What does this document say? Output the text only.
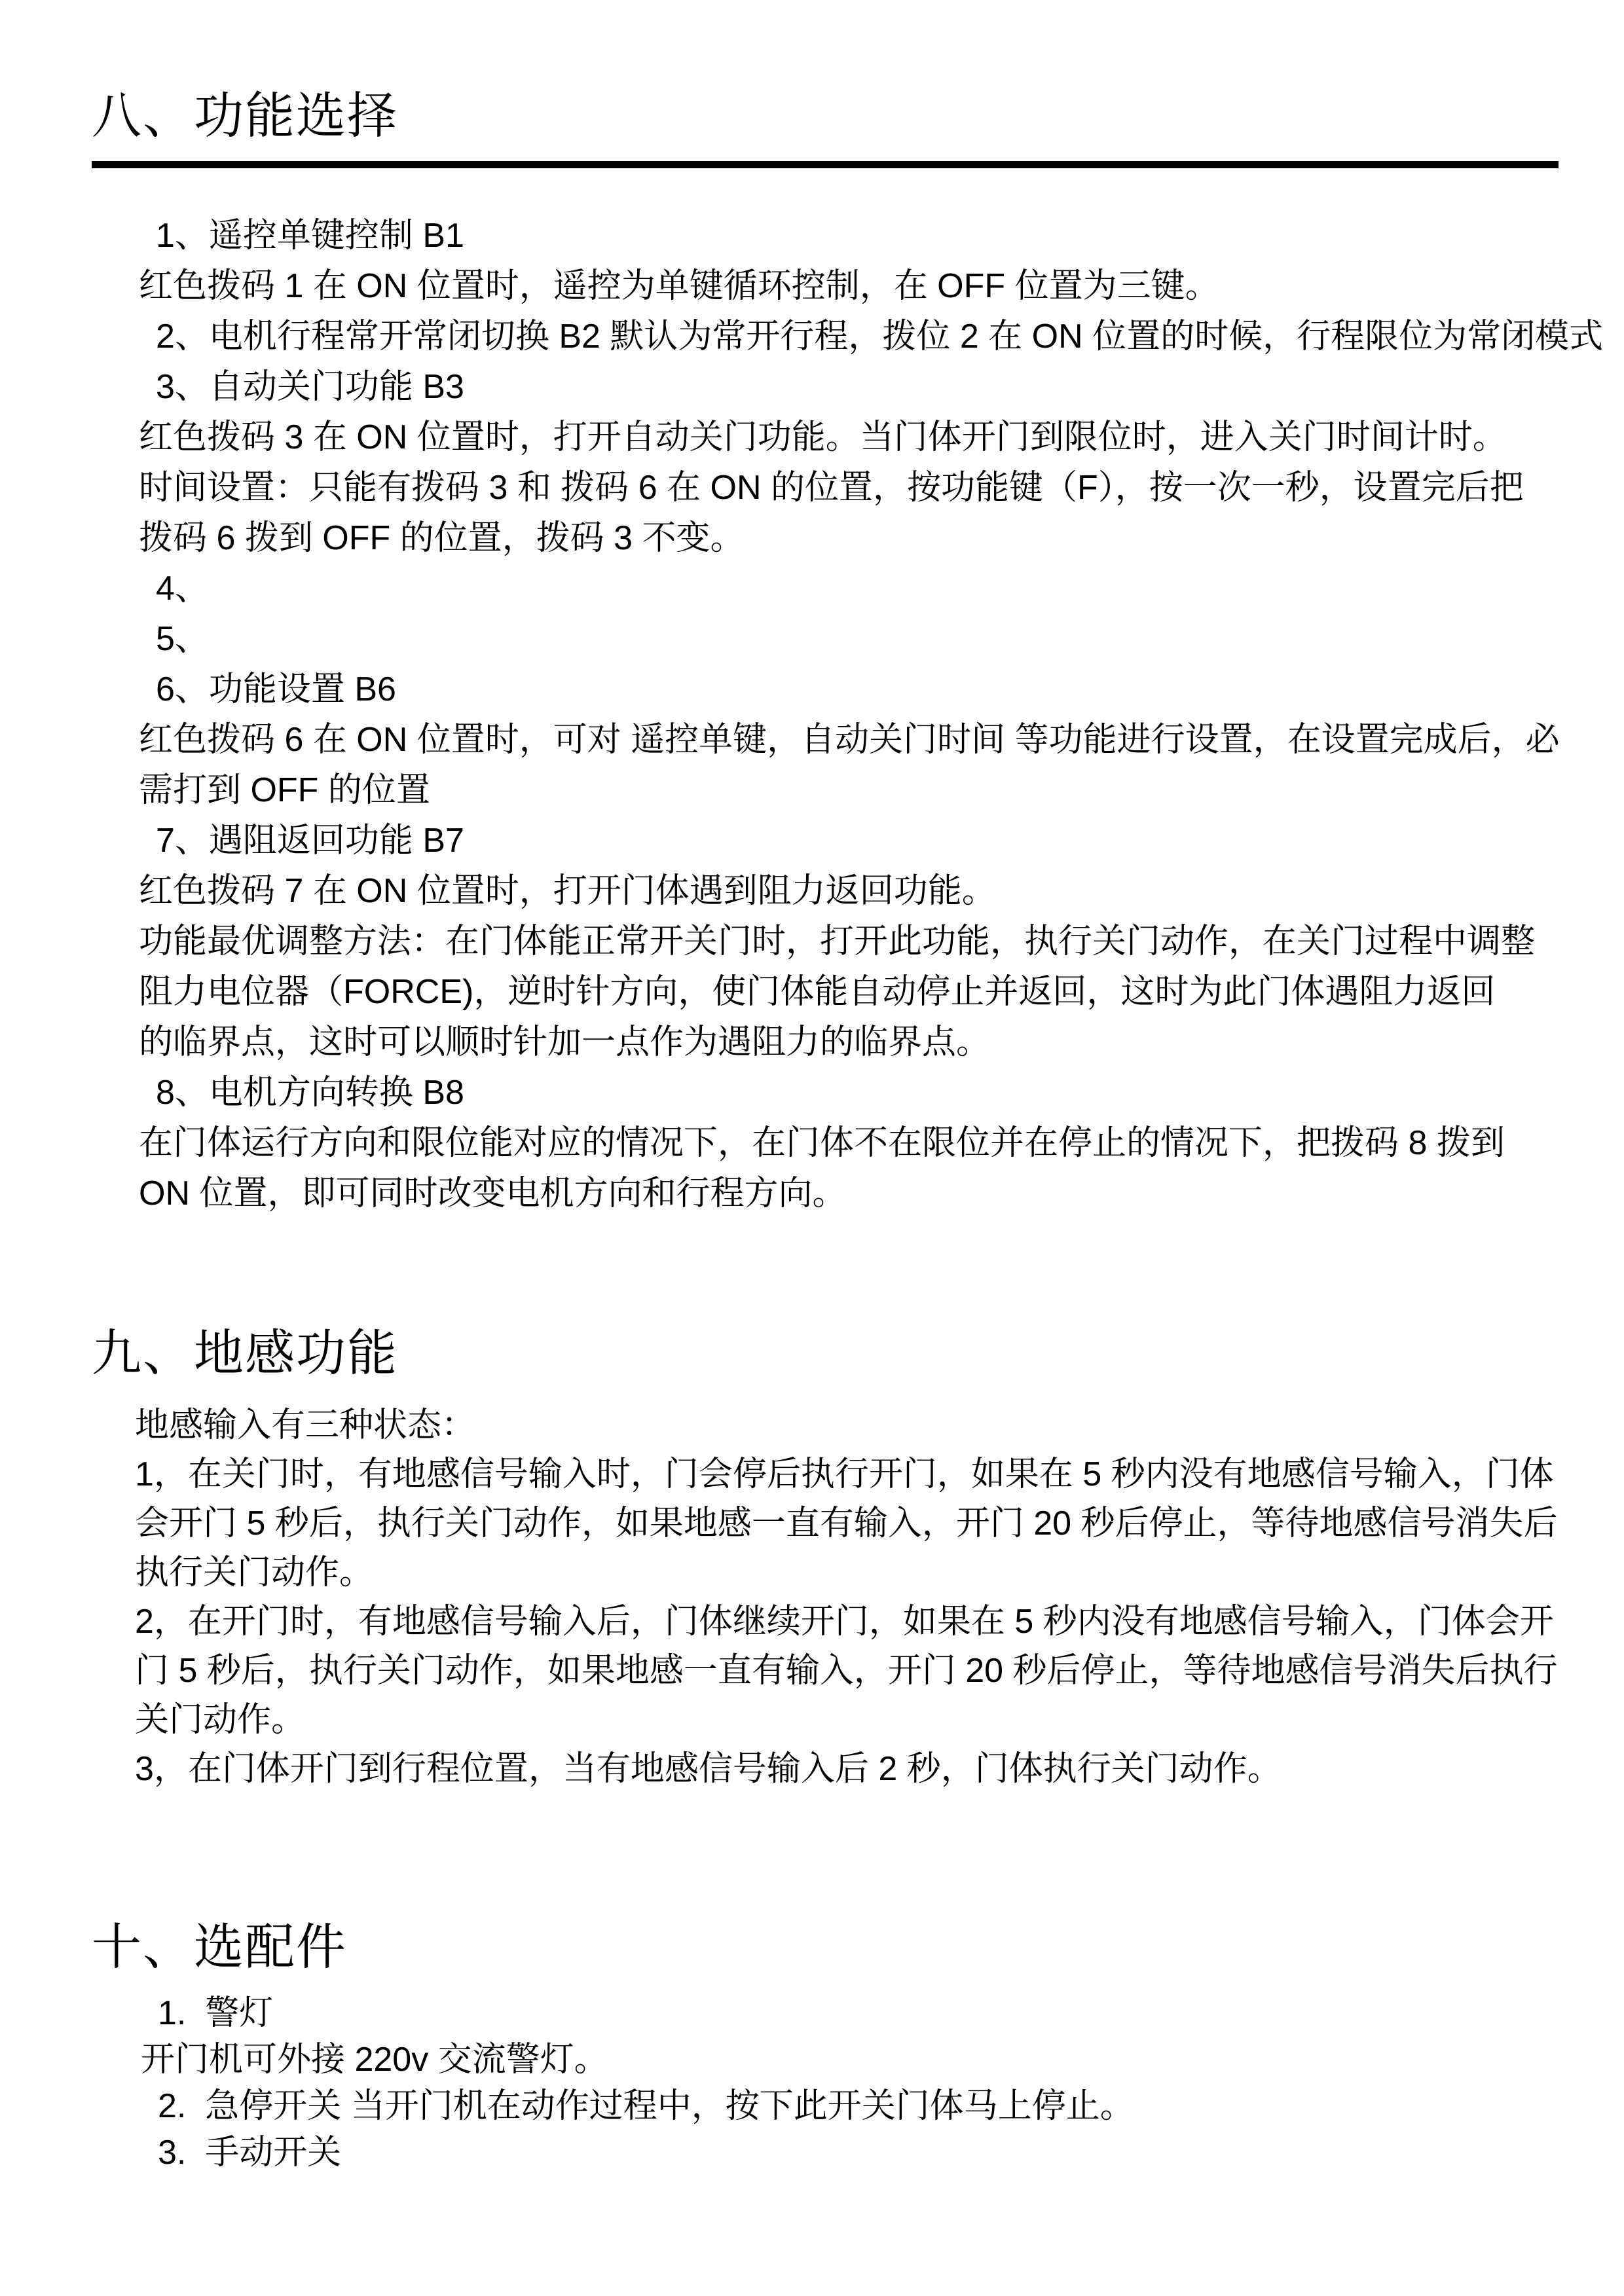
八、功能选择
1、遥控单键控制 B1
红色拨码 1 在 ON 位置时，遥控为单键循环控制，在 OFF 位置为三键。
2、电机行程常开常闭切换 B2 默认为常开行程，拨位 2 在 ON 位置的时候，行程限位为常闭模式
3、自动关门功能 B3
红色拨码 3 在 ON 位置时，打开自动关门功能。当门体开门到限位时，进入关门时间计时。
时间设置：只能有拨码 3 和 拨码 6 在 ON 的位置，按功能键（F），按一次一秒，设置完后把
拨码 6 拨到 OFF 的位置，拨码 3 不变。
4、
5、
6、功能设置 B6
红色拨码 6 在 ON 位置时，可对 遥控单键，自动关门时间 等功能进行设置，在设置完成后，必
需打到 OFF 的位置
7、遇阻返回功能 B7
红色拨码 7 在 ON 位置时，打开门体遇到阻力返回功能。
功能最优调整方法：在门体能正常开关门时，打开此功能，执行关门动作，在关门过程中调整
阻力电位器（FORCE)，逆时针方向，使门体能自动停止并返回，这时为此门体遇阻力返回
的临界点，这时可以顺时针加一点作为遇阻力的临界点。
8、电机方向转换 B8
在门体运行方向和限位能对应的情况下，在门体不在限位并在停止的情况下，把拨码 8 拨到
ON 位置，即可同时改变电机方向和行程方向。
九、地感功能
地感输入有三种状态：
1，在关门时，有地感信号输入时，门会停后执行开门，如果在 5 秒内没有地感信号输入，门体
会开门 5 秒后，执行关门动作，如果地感一直有输入，开门 20 秒后停止，等待地感信号消失后
执行关门动作。
2，在开门时，有地感信号输入后，门体继续开门，如果在 5 秒内没有地感信号输入，门体会开
门 5 秒后，执行关门动作，如果地感一直有输入，开门 20 秒后停止，等待地感信号消失后执行
关门动作。
3，在门体开门到行程位置，当有地感信号输入后 2 秒，门体执行关门动作。
十、选配件
1.  警灯
开门机可外接 220v 交流警灯。
2.  急停开关 当开门机在动作过程中，按下此开关门体马上停止。
3.  手动开关
